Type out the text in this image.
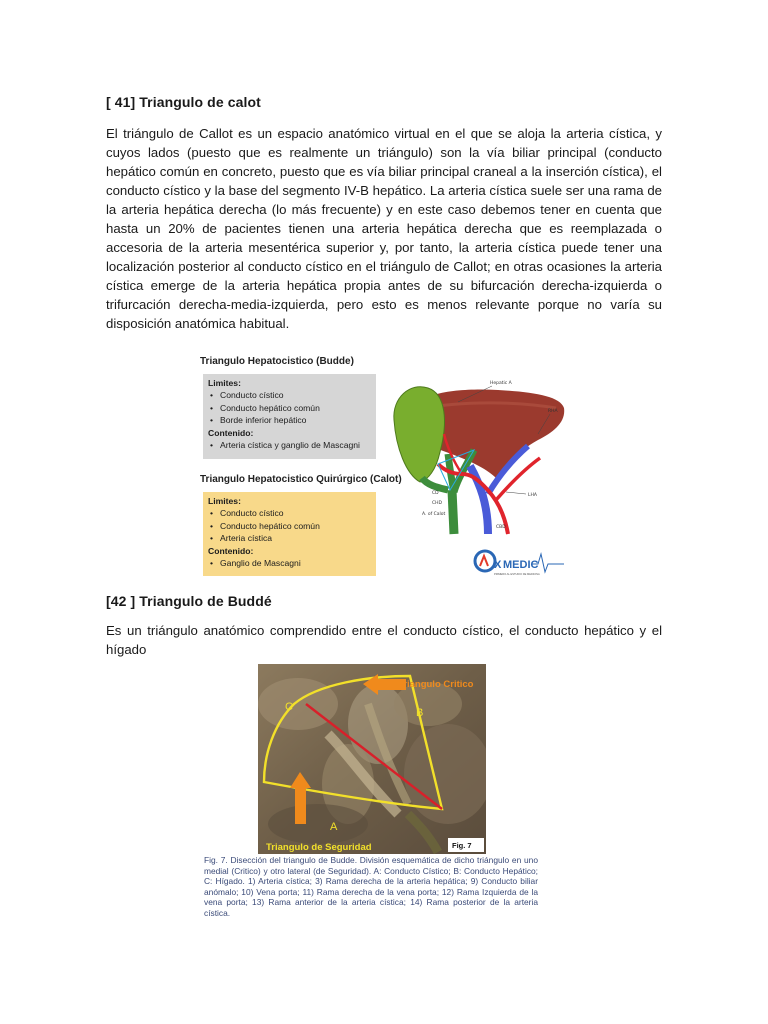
[ 41] Triangulo de calot

El triángulo de Callot es un espacio anatómico virtual en el que se aloja la arteria cística, y cuyos lados (puesto que es realmente un triángulo) son la vía biliar principal (conducto hepático común en concreto, puesto que es vía biliar principal craneal a la inserción cística), el conducto cístico y la base del segmento IV-B hepático. La arteria cística suele ser una rama de la arteria hepática derecha (lo más frecuente) y en este caso debemos tener en cuenta que hasta un 20% de pacientes tienen una arteria hepática derecha que es reemplazada o accesoria de la arteria mesentérica superior y, por tanto, la arteria cística puede tener una localización posterior al conducto cístico en el triángulo de Callot; en otras ocasiones la arteria cística emerge de la arteria hepática propia antes de su bifurcación derecha-izquierda o trifurcación derecha-media-izquierda, pero esto es menos relevante porque no varía su disposición anatómica habitual.

Triangulo Hepatocistico (Budde)
Limites:
• Conducto cístico
• Conducto hepático común
• Borde inferior hepático
Contenido:
• Arteria cística y ganglio de Mascagni
Triangulo Hepatocistico Quirúrgico (Calot)
Limites:
• Conducto cístico
• Conducto hepático común
• Arteria cística
Contenido:
• Ganglio de Mascagni
Hepatic A
RHA
LHA
CD
CHD
A. of Calot
CBD
X MEDIC
PRIMERO AL ESTUDIO DE MEDICINA
[42 ] Triangulo de Buddé

Es un triángulo anatómico comprendido entre el conducto cístico, el conducto hepático y el hígado

Triangulo Critico
Triangulo de Seguridad
C	B
A
Fig. 7

Fig. 7. Disección del triangulo de Budde. División esquemática de dicho triángulo en uno medial (Critico) y otro lateral (de Seguridad). A: Conducto Cístico; B: Conducto Hepático; C: Hígado. 1) Arteria cística; 3) Rama derecha de la arteria hepática; 9) Conducto biliar anómalo; 10) Vena porta; 11) Rama derecha de la vena porta; 12) Rama Izquierda de la vena porta; 13) Rama anterior de la arteria cística; 14) Rama posterior de la arteria cística.
